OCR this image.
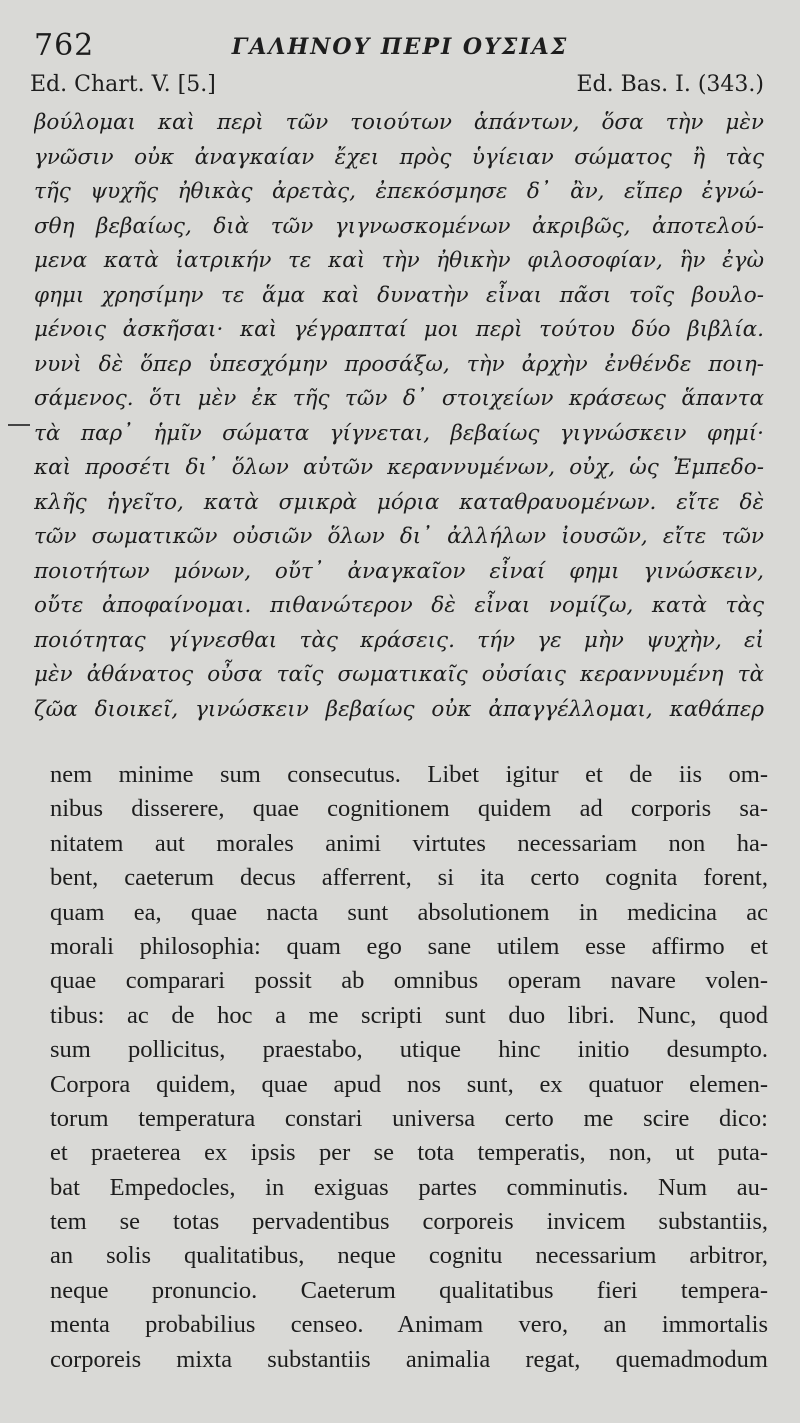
762	ΓΑΛΗΝΟΥ ΠΕΡΙ ΟΥΣΙΑΣ
Ed. Chart. V. [5.]	Ed. Bas. I. (343.)
βούλομαι καὶ περὶ τῶν τοιούτων ἁπάντων, ὅσα τὴν μὲν
γνῶσιν οὐκ ἀναγκαίαν ἔχει πρὸς ὑγίειαν σώματος ἢ τὰς
τῆς ψυχῆς ἠθικὰς ἀρετὰς, ἐπεκόσμησε δ᾽ ἂν, εἴπερ ἐγνώ-
σθη βεβαίως, διὰ τῶν γιγνωσκομένων ἀκριβῶς, ἀποτελού-
μενα κατὰ ἰατρικήν τε καὶ τὴν ἠθικὴν φιλοσοφίαν, ἣν ἐγὼ
φημι χρησίμην τε ἅμα καὶ δυνατὴν εἶναι πᾶσι τοῖς βουλο-
μένοις ἀσκῆσαι· καὶ γέγραπταί μοι περὶ τούτου δύο βιβλία.
νυνὶ δὲ ὅπερ ὑπεσχόμην προσάξω, τὴν ἀρχὴν ἐνθένδε ποιη-
σάμενος. ὅτι μὲν ἐκ τῆς τῶν δ᾽ στοιχείων κράσεως ἅπαντα
τὰ παρ᾽ ἡμῖν σώματα γίγνεται, βεβαίως γιγνώσκειν φημί·
καὶ προσέτι δι᾽ ὅλων αὐτῶν κεραννυμένων, οὐχ, ὡς Ἐμπεδο-
κλῆς ἡγεῖτο, κατὰ σμικρὰ μόρια καταθραυομένων. εἴτε δὲ
τῶν σωματικῶν οὐσιῶν ὅλων δι᾽ ἀλλήλων ἰουσῶν, εἴτε τῶν
ποιοτήτων μόνων, οὔτ᾽ ἀναγκαῖον εἶναί φημι γινώσκειν,
οὔτε ἀποφαίνομαι. πιθανώτερον δὲ εἶναι νομίζω, κατὰ τὰς
ποιότητας γίγνεσθαι τὰς κράσεις. τήν γε μὴν ψυχὴν, εἰ
μὲν ἀθάνατος οὖσα ταῖς σωματικαῖς οὐσίαις κεραννυμένη τὰ
ζῶα διοικεῖ, γινώσκειν βεβαίως οὐκ ἀπαγγέλλομαι, καθάπερ
nem minime sum consecutus. Libet igitur et de iis om-
nibus disserere, quae cognitionem quidem ad corporis sa-
nitatem aut morales animi virtutes necessariam non ha-
bent, caeterum decus afferrent, si ita certo cognita forent,
quam ea, quae nacta sunt absolutionem in medicina ac
morali philosophia: quam ego sane utilem esse affirmo et
quae comparari possit ab omnibus operam navare volen-
tibus: ac de hoc a me scripti sunt duo libri. Nunc, quod
sum pollicitus, praestabo, utique hinc initio desumpto.
Corpora quidem, quae apud nos sunt, ex quatuor elemen-
torum temperatura constari universa certo me scire dico:
et praeterea ex ipsis per se tota temperatis, non, ut puta-
bat Empedocles, in exiguas partes comminutis. Num au-
tem se totas pervadentibus corporeis invicem substantiis,
an solis qualitatibus, neque cognitu necessarium arbitror,
neque pronuncio. Caeterum qualitatibus fieri tempera-
menta probabilius censeo. Animam vero, an immortalis
corporeis mixta substantiis animalia regat, quemadmodum
